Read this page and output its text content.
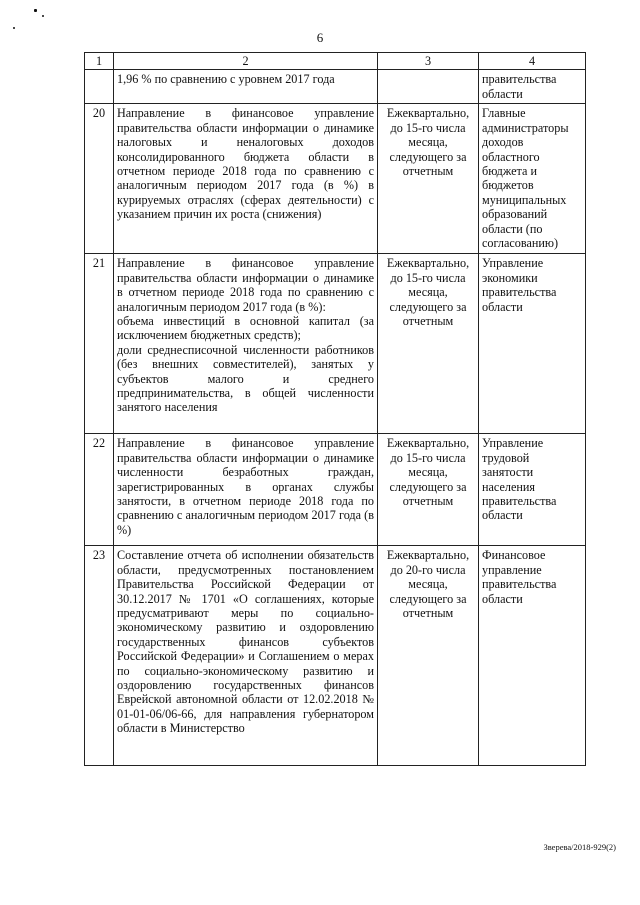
6
1	2	3	4

	1,96 % по сравнению с уровнем 2017 года		правительства области
20	Направление в финансовое управление правительства области информации о динамике налоговых и неналоговых доходов консолидированного бюджета области в отчетном периоде 2018 года по сравнению с аналогичным периодом 2017 года (в %) в курируемых отраслях (сферах деятельности) с указанием причин их роста (снижения)	Ежеквартально, до 15-го числа месяца, следующего за отчетным	Главные администраторы доходов областного бюджета и бюджетов муниципальных образований области (по согласованию)
21	Направление в финансовое управление правительства области информации о динамике в отчетном периоде 2018 года по сравнению с аналогичным периодом 2017 года (в %):
объема инвестиций в основной капитал (за исключением бюджетных средств);
доли среднесписочной численности работников (без внешних совместителей), занятых у субъектов малого и среднего предпринимательства, в общей численности занятого населения	Ежеквартально, до 15-го числа месяца, следующего за отчетным	Управление экономики правительства области
22	Направление в финансовое управление правительства области информации о динамике численности безработных граждан, зарегистрированных в органах службы занятости, в отчетном периоде 2018 года по сравнению с аналогичным периодом 2017 года (в %)	Ежеквартально, до 15-го числа месяца, следующего за отчетным	Управление трудовой занятости населения правительства области
23	Составление отчета об исполнении обязательств области, предусмотренных постановлением Правительства Российской Федерации от 30.12.2017 № 1701 «О соглашениях, которые предусматривают меры по социально-экономическому развитию и оздоровлению государственных финансов субъектов Российской Федерации» и Соглашением о мерах по социально-экономическому развитию и оздоровлению государственных финансов Еврейской автономной области от 12.02.2018 № 01-01-06/06-66, для направления губернатором области в Министерство	Ежеквартально, до 20-го числа месяца, следующего за отчетным	Финансовое управление правительства области
Зверева/2018-929(2)
